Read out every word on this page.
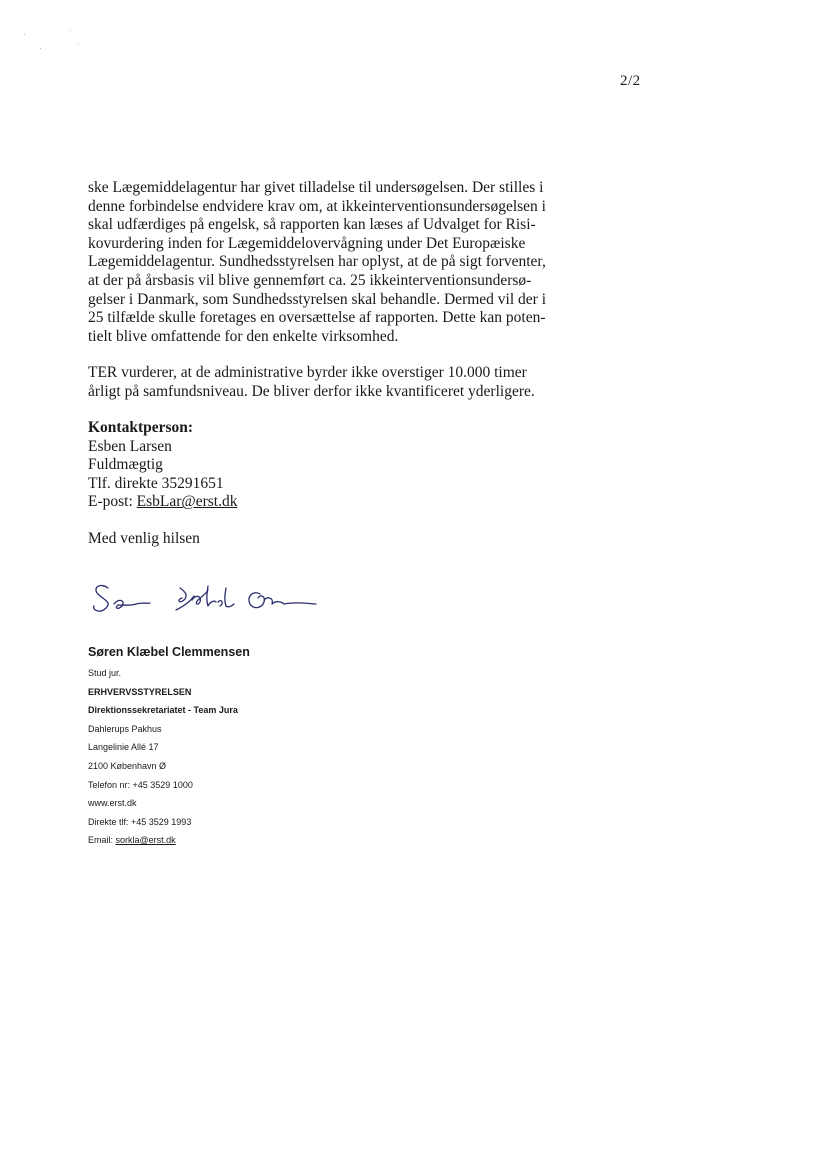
2/2
ske Lægemiddelagentur har givet tilladelse til undersøgelsen. Der stilles i
denne forbindelse endvidere krav om, at ikkeinterventionsundersøgelsen i
skal udfærdiges på engelsk, så rapporten kan læses af Udvalget for Risi-
kovurdering inden for Lægemiddelovervågning under Det Europæiske
Lægemiddelagentur. Sundhedsstyrelsen har oplyst, at de på sigt forventer,
at der på årsbasis vil blive gennemført ca. 25 ikkeinterventionsundersø-
gelser i Danmark, som Sundhedsstyrelsen skal behandle. Dermed vil der i
25 tilfælde skulle foretages en oversættelse af rapporten. Dette kan poten-
tielt blive omfattende for den enkelte virksomhed.
TER vurderer, at de administrative byrder ikke overstiger 10.000 timer
årligt på samfundsniveau. De bliver derfor ikke kvantificeret yderligere.
Kontaktperson:
Esben Larsen
Fuldmægtig
Tlf. direkte 35291651
E-post: EsbLar@erst.dk
Med venlig hilsen
Søren Klæbel Clemmensen
Stud jur.
ERHVERVSSTYRELSEN
Direktionssekretariatet - Team Jura
Dahlerups Pakhus
Langelinie Allé 17
2100 København Ø
Telefon nr: +45 3529 1000
www.erst.dk
Direkte tlf: +45 3529 1993
Email: sorkla@erst.dk
